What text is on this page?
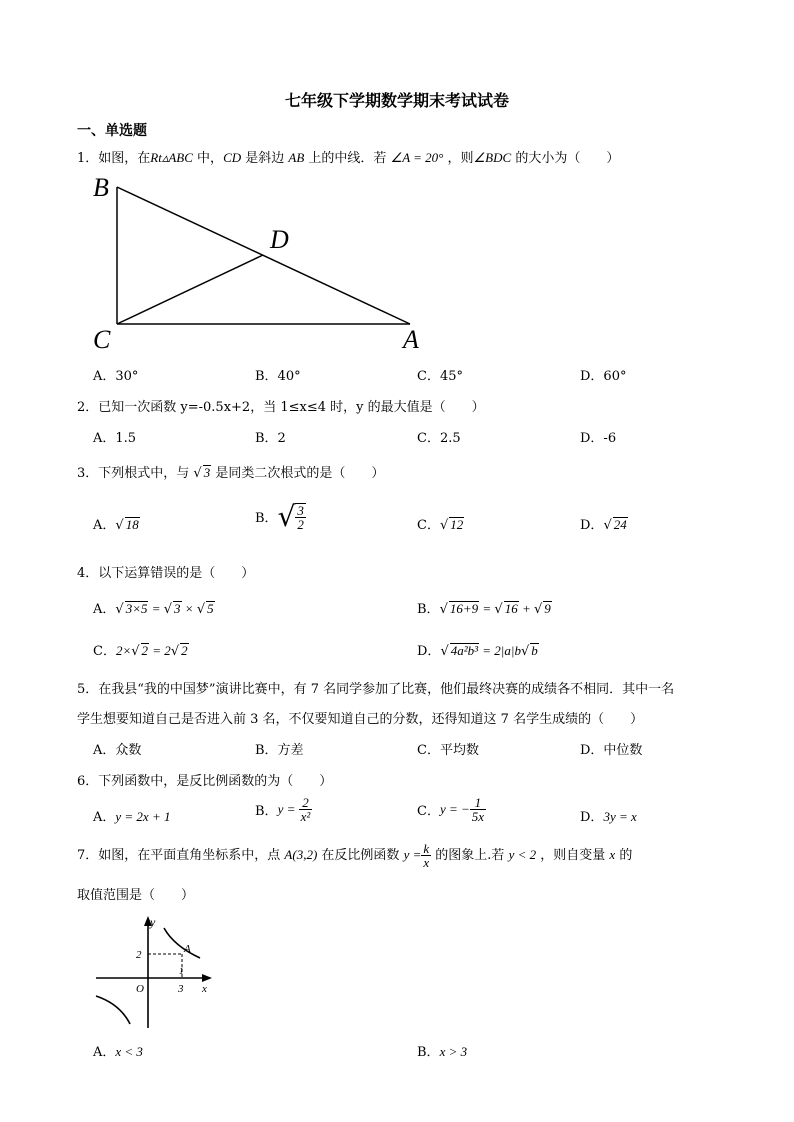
七年级下学期数学期末考试试卷
一、单选题
1．如图，在Rt▵ABC 中，CD 是斜边 AB 上的中线．若 ∠A = 20° ，则∠BDC 的大小为（　　）
B
C	A
D
A．30°	B．40°	C．45°	D．60°
2．已知一次函数 y=-0.5x+2，当 1≤x≤4 时，y 的最大值是（　　）
A．1.5	B．2	C．2.5	D．-6
3．下列根式中，与 √ 3 是同类二次根式的是（　　）
A．√ 18	B．√ $\frac{3}{2}$	C．√ 12	D．√ 24
4．以下运算错误的是（　　）
A．√ 3×5 = √ 3 × √ 5	B．√ 16+9 = √ 16 + √ 9
C．2×√ 2 = 2√ 2	D．√ 4a²b³ = 2|a|b√ b
5．在我县“我的中国梦”演讲比赛中，有 7 名同学参加了比赛，他们最终决赛的成绩各不相同．其中一名
学生想要知道自己是否进入前 3 名，不仅要知道自己的分数，还得知道这 7 名学生成绩的（　　）
A．众数	B．方差	C．平均数	D．中位数
6．下列函数中，是反比例函数的为（　　）
A．y = 2x + 1	B．$y = \frac{2}{\text{x²}}$	C．y = − $\frac{1}{5x}$	D．3y = x
7．如图，在平面直角坐标系中，点 A(3,2) 在反比例函数 $y = \frac{k}{x}$ 的图象上.若 y < 2 ，则自变量 x 的
取值范围是（　　）
y
2	A
1
O	3 x
A．x < 3	B．x > 3
